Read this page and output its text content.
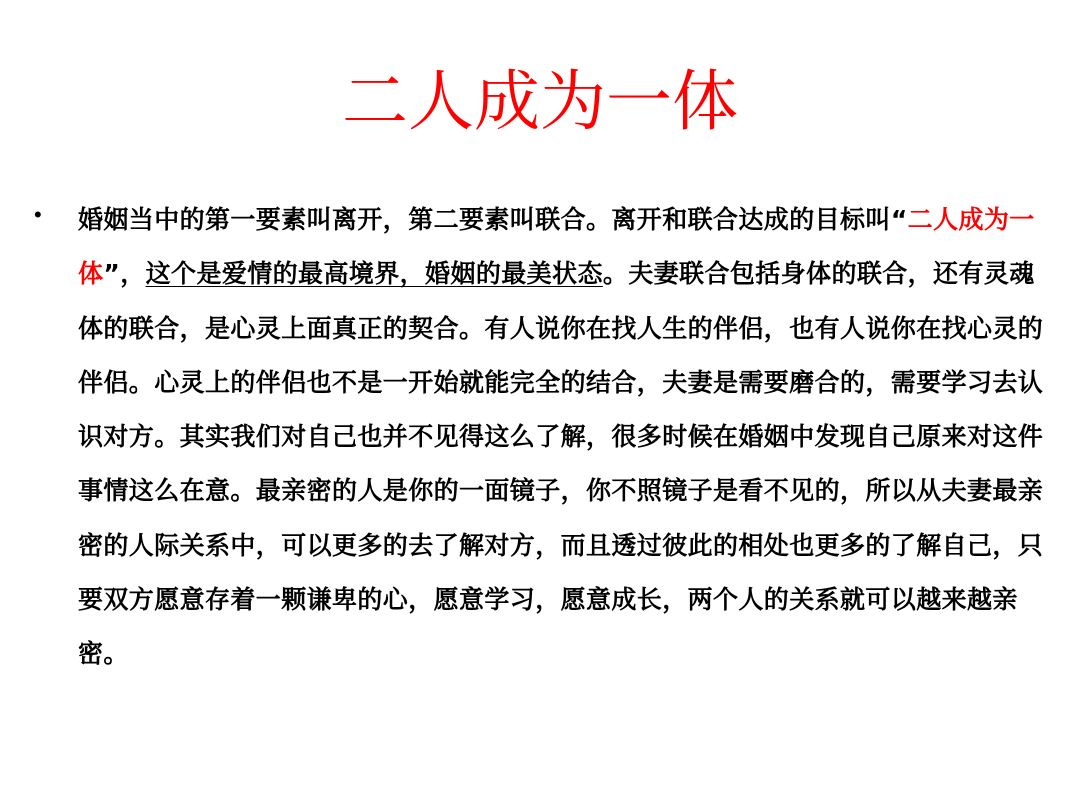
二人成为一体
• 婚姻当中的第一要素叫离开，第二要素叫联合。离开和联合达成的目标叫“二人成为一体”，这个是爱情的最高境界，婚姻的最美状态。夫妻联合包括身体的联合，还有灵魂体的联合，是心灵上面真正的契合。有人说你在找人生的伴侣，也有人说你在找心灵的伴侣。心灵上的伴侣也不是一开始就能完全的结合，夫妻是需要磨合的，需要学习去认识对方。其实我们对自己也并不见得这么了解，很多时候在婚姻中发现自己原来对这件事情这么在意。最亲密的人是你的一面镜子，你不照镜子是看不见的，所以从夫妻最亲密的人际关系中，可以更多的去了解对方，而且透过彼此的相处也更多的了解自己，只要双方愿意存着一颗谦卑的心，愿意学习，愿意成长，两个人的关系就可以越来越亲密。
